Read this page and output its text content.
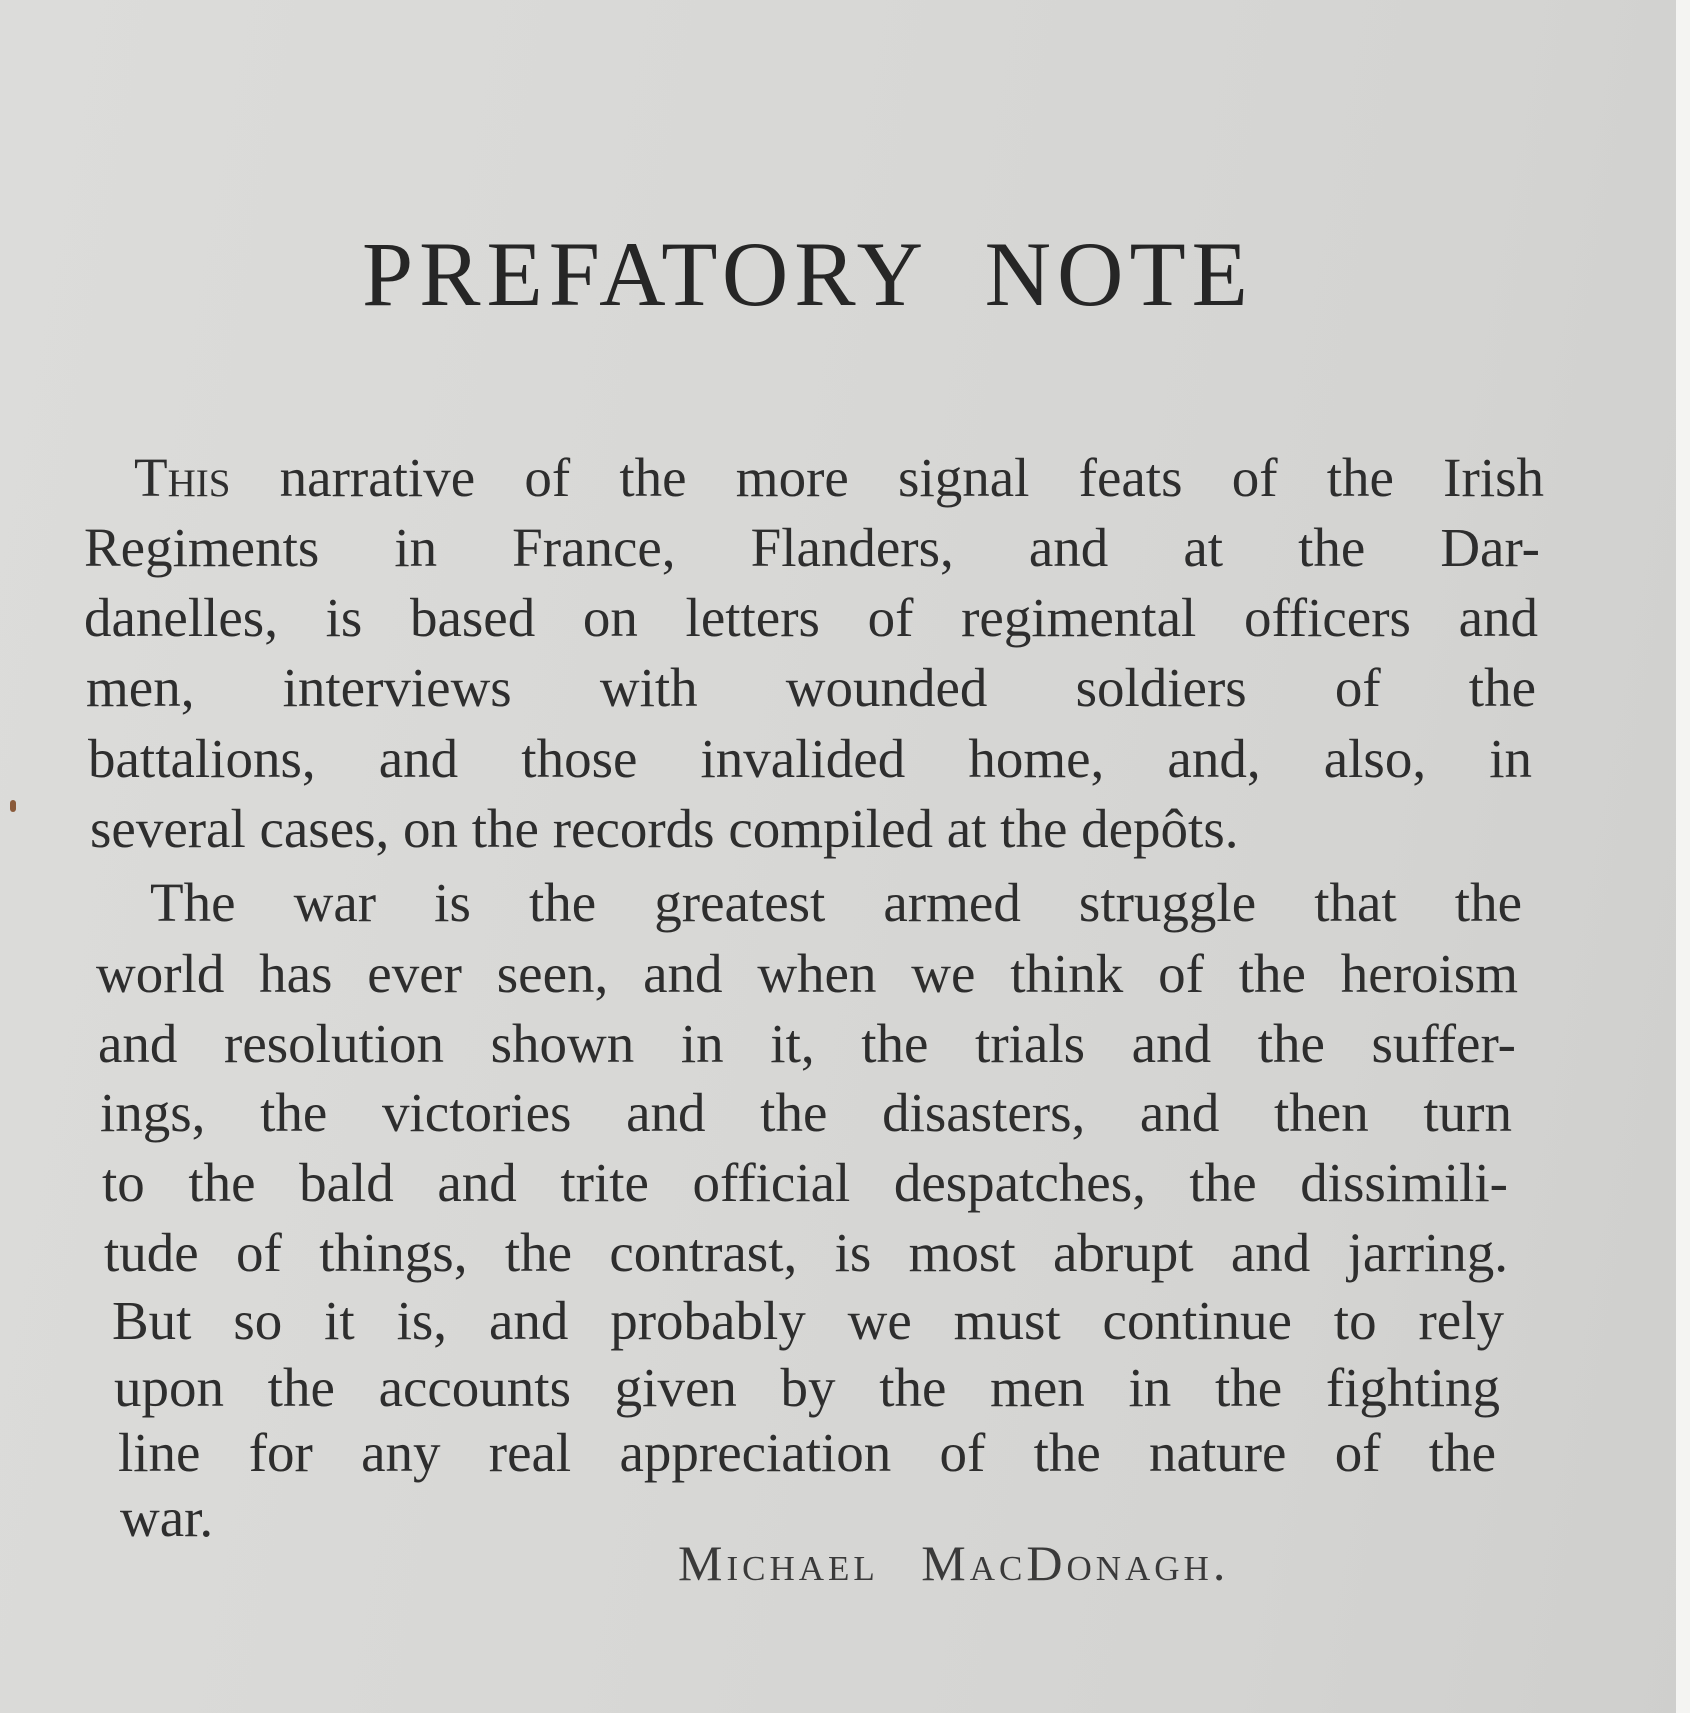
PREFATORY NOTE
This narrative of the more signal feats of the Irish
Regiments in France, Flanders, and at the Dar-
danelles, is based on letters of regimental officers and
men, interviews with wounded soldiers of the
battalions, and those invalided home, and, also, in
several cases, on the records compiled at the depôts.
The war is the greatest armed struggle that the
world has ever seen, and when we think of the heroism
and resolution shown in it, the trials and the suffer-
ings, the victories and the disasters, and then turn
to the bald and trite official despatches, the dissimili-
tude of things, the contrast, is most abrupt and jarring.
But so it is, and probably we must continue to rely
upon the accounts given by the men in the fighting
line for any real appreciation of the nature of the
war.
Michael MacDonagh.
